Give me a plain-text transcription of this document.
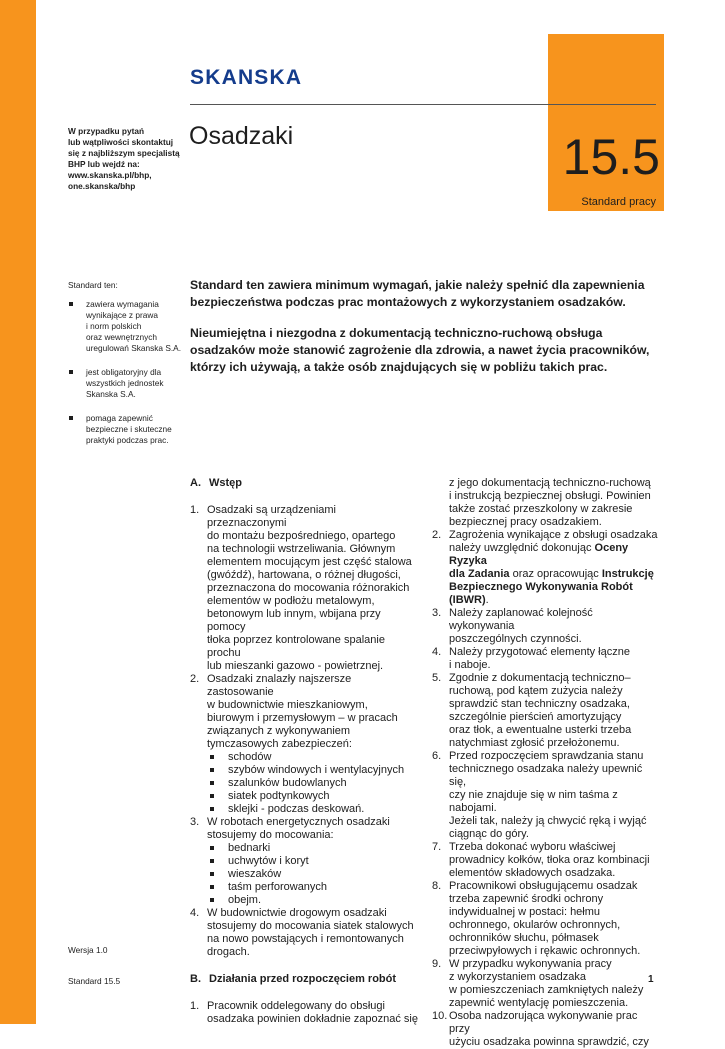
15.5
Standard pracy
SKANSKA
W przypadku pytań
lub wątpliwości skontaktuj
się z najbliższym specjalistą
BHP lub wejdź na:
www.skanska.pl/bhp,
one.skanska/bhp
Osadzaki
Standard ten:
zawiera wymagania
wynikające z prawa
i norm polskich
oraz wewnętrznych
uregulowań Skanska S.A.
jest obligatoryjny dla
wszystkich jednostek
Skanska S.A.
pomaga zapewnić
bezpieczne i skuteczne
praktyki podczas prac.

Standard ten zawiera minimum wymagań, jakie należy spełnić dla zapewnienia bezpieczeństwa podczas prac montażowych z wykorzystaniem osadzaków.

Nieumiejętna i niezgodna z dokumentacją techniczno-ruchową obsługa osadzaków może stanowić zagrożenie dla zdrowia, a nawet życia pracowników, którzy ich używają, a także osób znajdujących się w pobliżu takich prac.

A. Wstęp
1. Osadzaki są urządzeniami przeznaczonymi
do montażu bezpośredniego, opartego
na technologii wstrzeliwania. Głównym
elementem mocującym jest część stalowa
(gwóźdź), hartowana, o różnej długości,
przeznaczona do mocowania różnorakich
elementów w podłożu metalowym,
betonowym lub innym, wbijana przy pomocy
tłoka poprzez kontrolowane spalanie prochu
lub mieszanki gazowo - powietrznej.
2. Osadzaki znalazły najszersze zastosowanie
w budownictwie mieszkaniowym,
biurowym i przemysłowym – w pracach
związanych z wykonywaniem
tymczasowych zabezpieczeń:
schodów
szybów windowych i wentylacyjnych
szalunków budowlanych
siatek podtynkowych
sklejki - podczas deskowań.
3. W robotach energetycznych osadzaki
stosujemy do mocowania:
bednarki
uchwytów i koryt
wieszaków
taśm perforowanych
obejm.
4. W budownictwie drogowym osadzaki
stosujemy do mocowania siatek stalowych
na nowo powstających i remontowanych
drogach.
B. Działania przed rozpoczęciem robót
1. Pracownik oddelegowany do obsługi
osadzaka powinien dokładnie zapoznać się
z jego dokumentacją techniczno-ruchową
i instrukcją bezpiecznej obsługi. Powinien
także zostać przeszkolony w zakresie
bezpiecznej pracy osadzakiem.
2. Zagrożenia wynikające z obsługi osadzaka
należy uwzględnić dokonując Oceny Ryzyka
dla Zadania oraz opracowując Instrukcję
Bezpiecznego Wykonywania Robót (IBWR).
3. Należy zaplanować kolejność wykonywania
poszczególnych czynności.
4. Należy przygotować elementy łączne
i naboje.
5. Zgodnie z dokumentacją techniczno–
ruchową, pod kątem zużycia należy
sprawdzić stan techniczny osadzaka,
szczególnie pierścień amortyzujący
oraz tłok, a ewentualne usterki trzeba
natychmiast zgłosić przełożonemu.
6. Przed rozpoczęciem sprawdzania stanu
technicznego osadzaka należy upewnić się,
czy nie znajduje się w nim taśma z nabojami.
Jeżeli tak, należy ją chwycić ręką i wyjąć
ciągnąc do góry.
7. Trzeba dokonać wyboru właściwej
prowadnicy kołków, tłoka oraz kombinacji
elementów składowych osadzaka.
8. Pracownikowi obsługującemu osadzak
trzeba zapewnić środki ochrony
indywidualnej w postaci: hełmu
ochronnego, okularów ochronnych,
ochronników słuchu, półmasek
przeciwpyłowych i rękawic ochronnych.
9. W przypadku wykonywania pracy
z wykorzystaniem osadzaka
w pomieszczeniach zamkniętych należy
zapewnić wentylację pomieszczenia.
10. Osoba nadzorująca wykonywanie prac przy
użyciu osadzaka powinna sprawdzić, czy
Wersja 1.0
Standard 15.5	1
